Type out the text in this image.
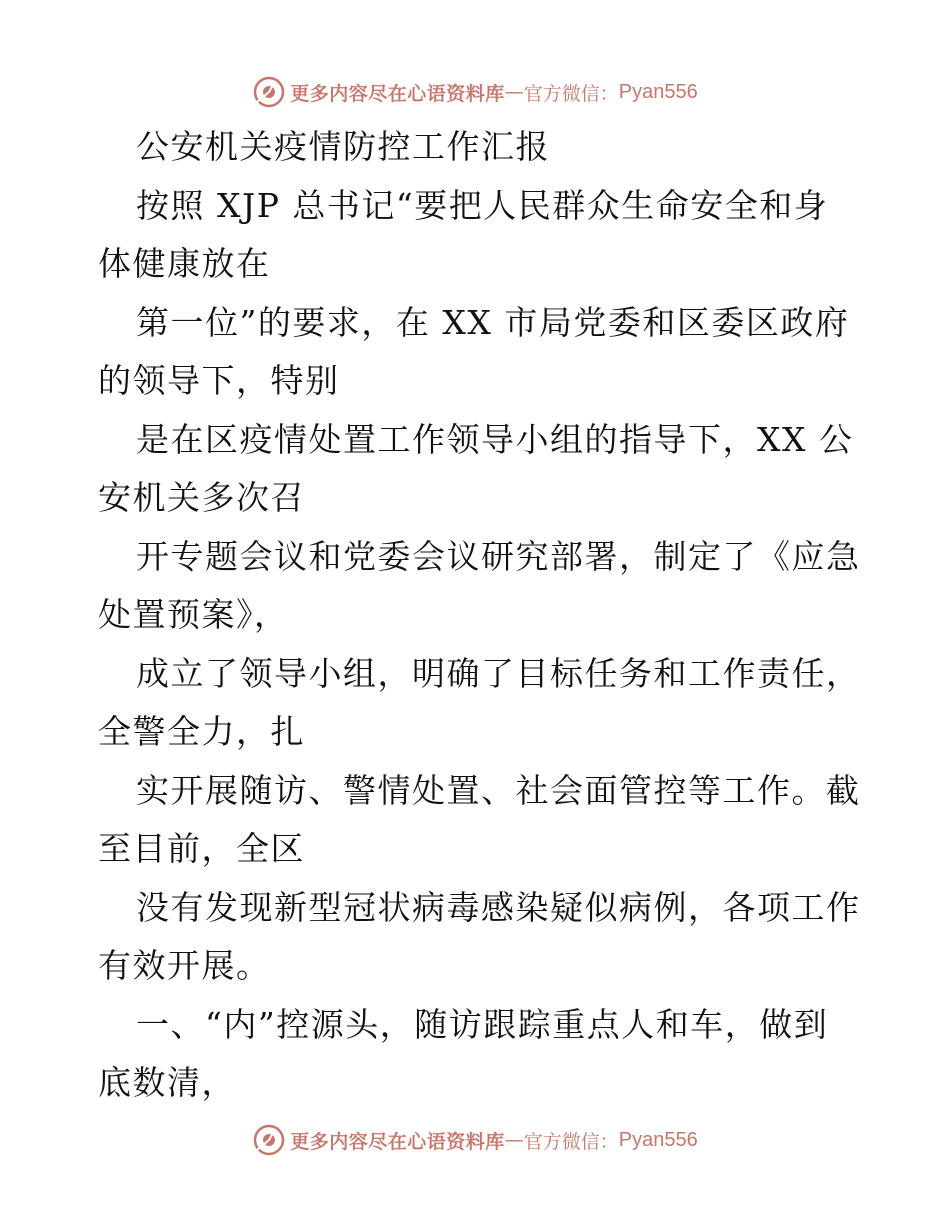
更多内容尽在心语资料库 — 官方微信： Pyan556
公安机关疫情防控工作汇报
按照 XJP 总书记“要把人民群众生命安全和身
体健康放在
第一位”的要求，在 XX 市局党委和区委区政府
的领导下，特别
是在区疫情处置工作领导小组的指导下，XX 公
安机关多次召
开专题会议和党委会议研究部署，制定了《应急
处置预案》，
成立了领导小组，明确了目标任务和工作责任，
全警全力，扎
实开展随访、警情处置、社会面管控等工作。截
至目前，全区
没有发现新型冠状病毒感染疑似病例，各项工作
有效开展。
一、“内”控源头，随访跟踪重点人和车，做到
底数清，
更多内容尽在心语资料库 — 官方微信： Pyan556
